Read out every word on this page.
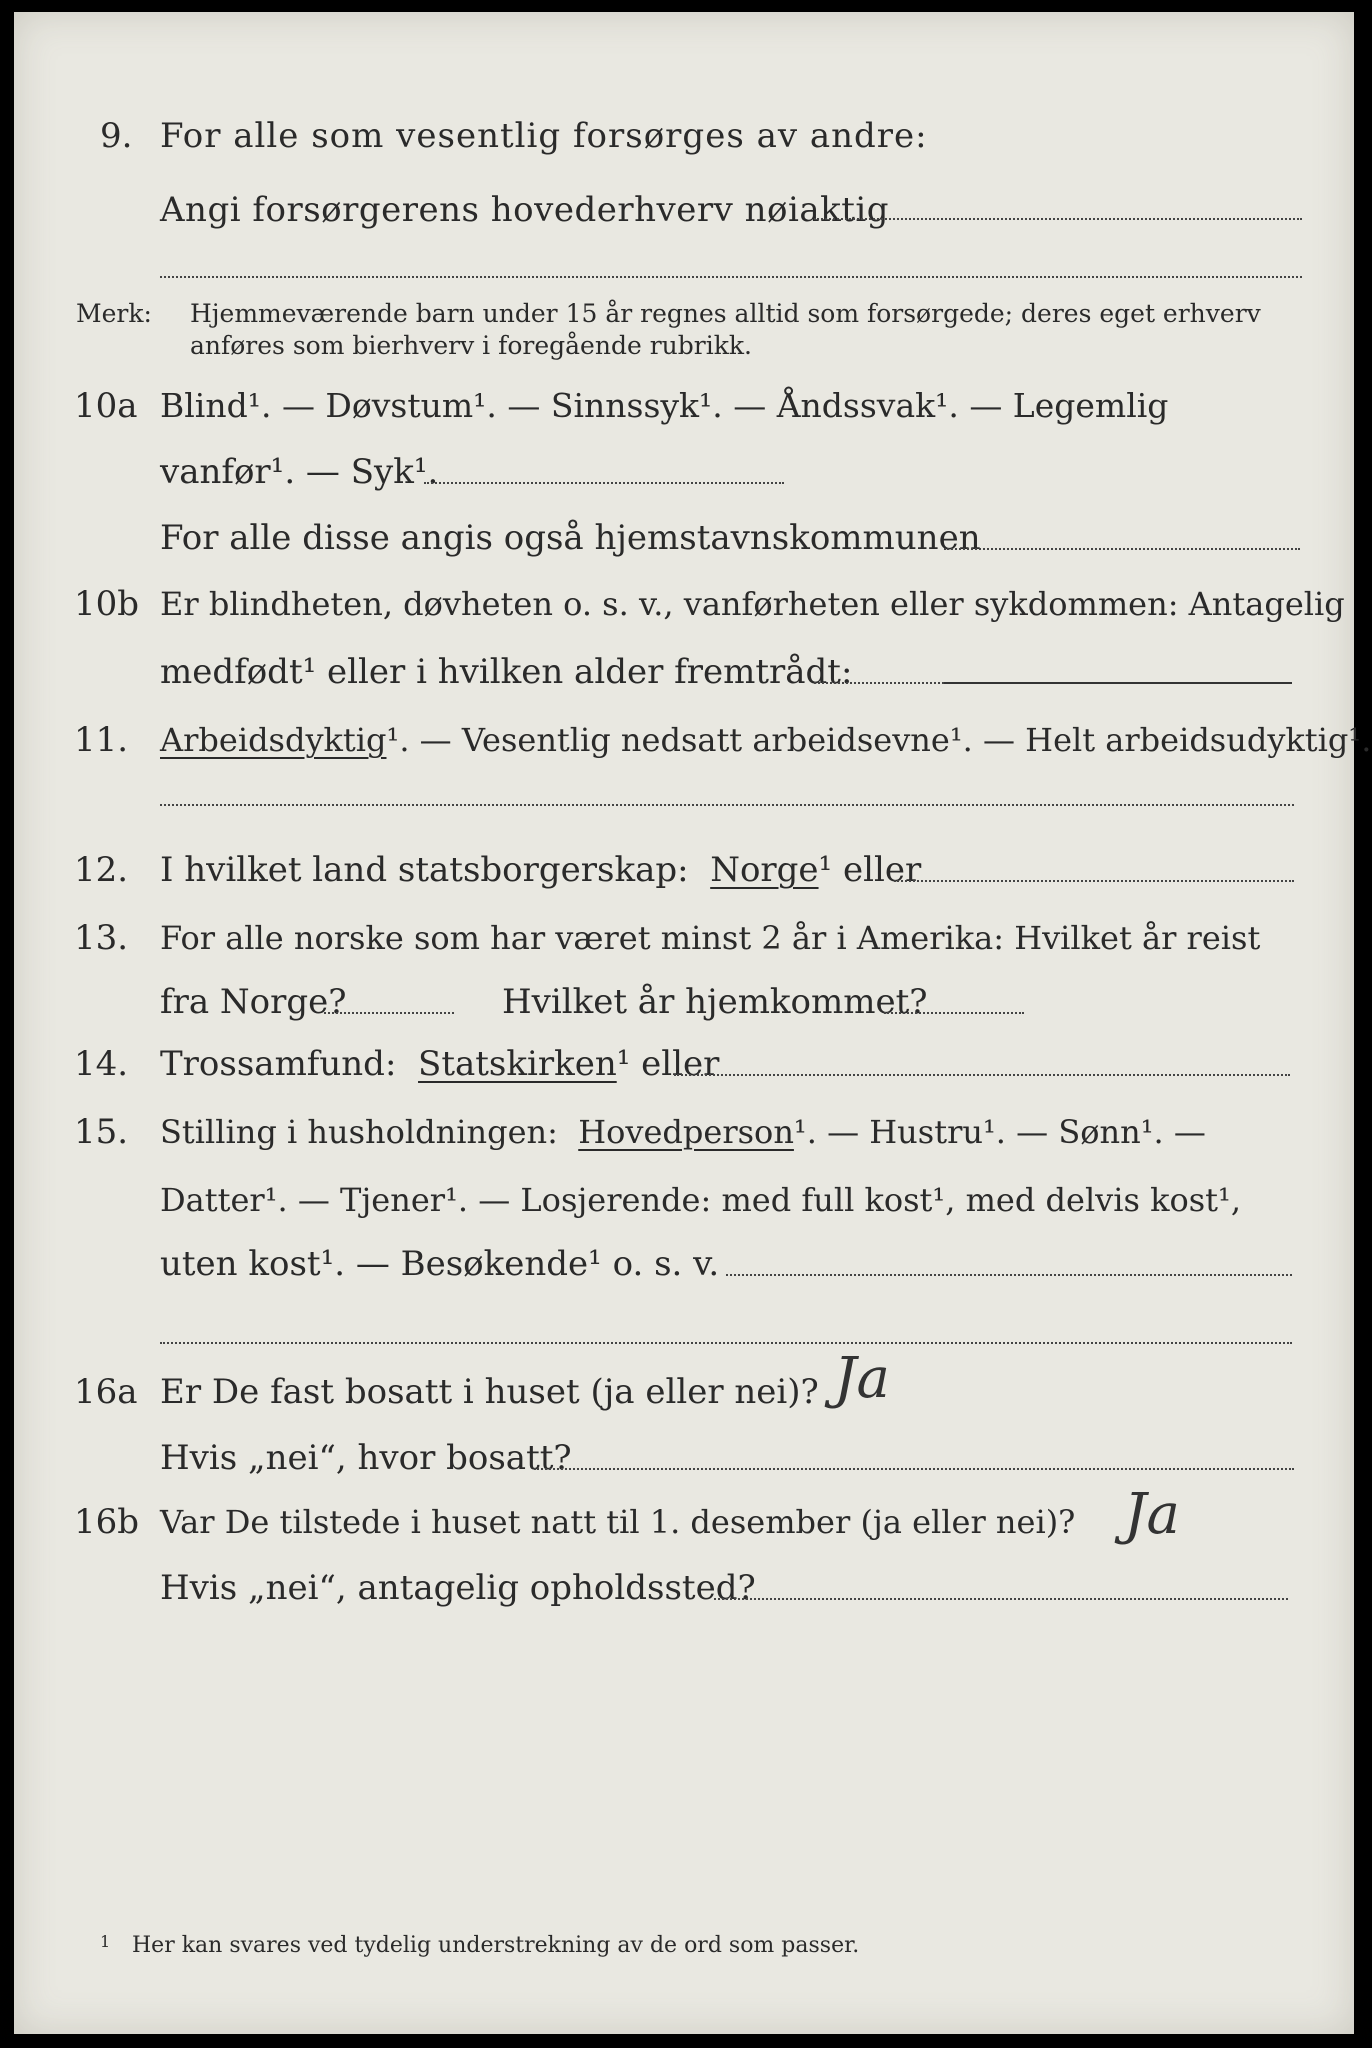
9. For alle som vesentlig forsørges av andre:
Angi forsørgerens hovederhverv nøiaktig
Merk: Hjemmeværende barn under 15 år regnes alltid som forsørgede; deres eget erhverv
anføres som bierhverv i foregående rubrikk.
10a Blind¹. — Døvstum¹. — Sinnssyk¹. — Åndssvak¹. — Legemlig
vanfør¹. — Syk¹.
For alle disse angis også hjemstavnskommunen
10b Er blindheten, døvheten o. s. v., vanførheten eller sykdommen: Antagelig
medfødt¹ eller i hvilken alder fremtrådt:
11. Arbeidsdyktig¹. — Vesentlig nedsatt arbeidsevne¹. — Helt arbeidsudyktig¹.
12. I hvilket land statsborgerskap: Norge¹ eller
13. For alle norske som har været minst 2 år i Amerika: Hvilket år reist
fra Norge?	Hvilket år hjemkommet?
14. Trossamfund: Statskirken¹ eller
15. Stilling i husholdningen: Hovedperson¹. — Hustru¹. — Sønn¹. —
Datter¹. — Tjener¹. — Losjerende: med full kost¹, med delvis kost¹,
uten kost¹. — Besøkende¹ o. s. v.
16a Er De fast bosatt i huset (ja eller nei)? Ja
Hvis „nei“, hvor bosatt?
16b Var De tilstede i huset natt til 1. desember (ja eller nei)? Ja
Hvis „nei“, antagelig opholdssted?
1 Her kan svares ved tydelig understrekning av de ord som passer.
